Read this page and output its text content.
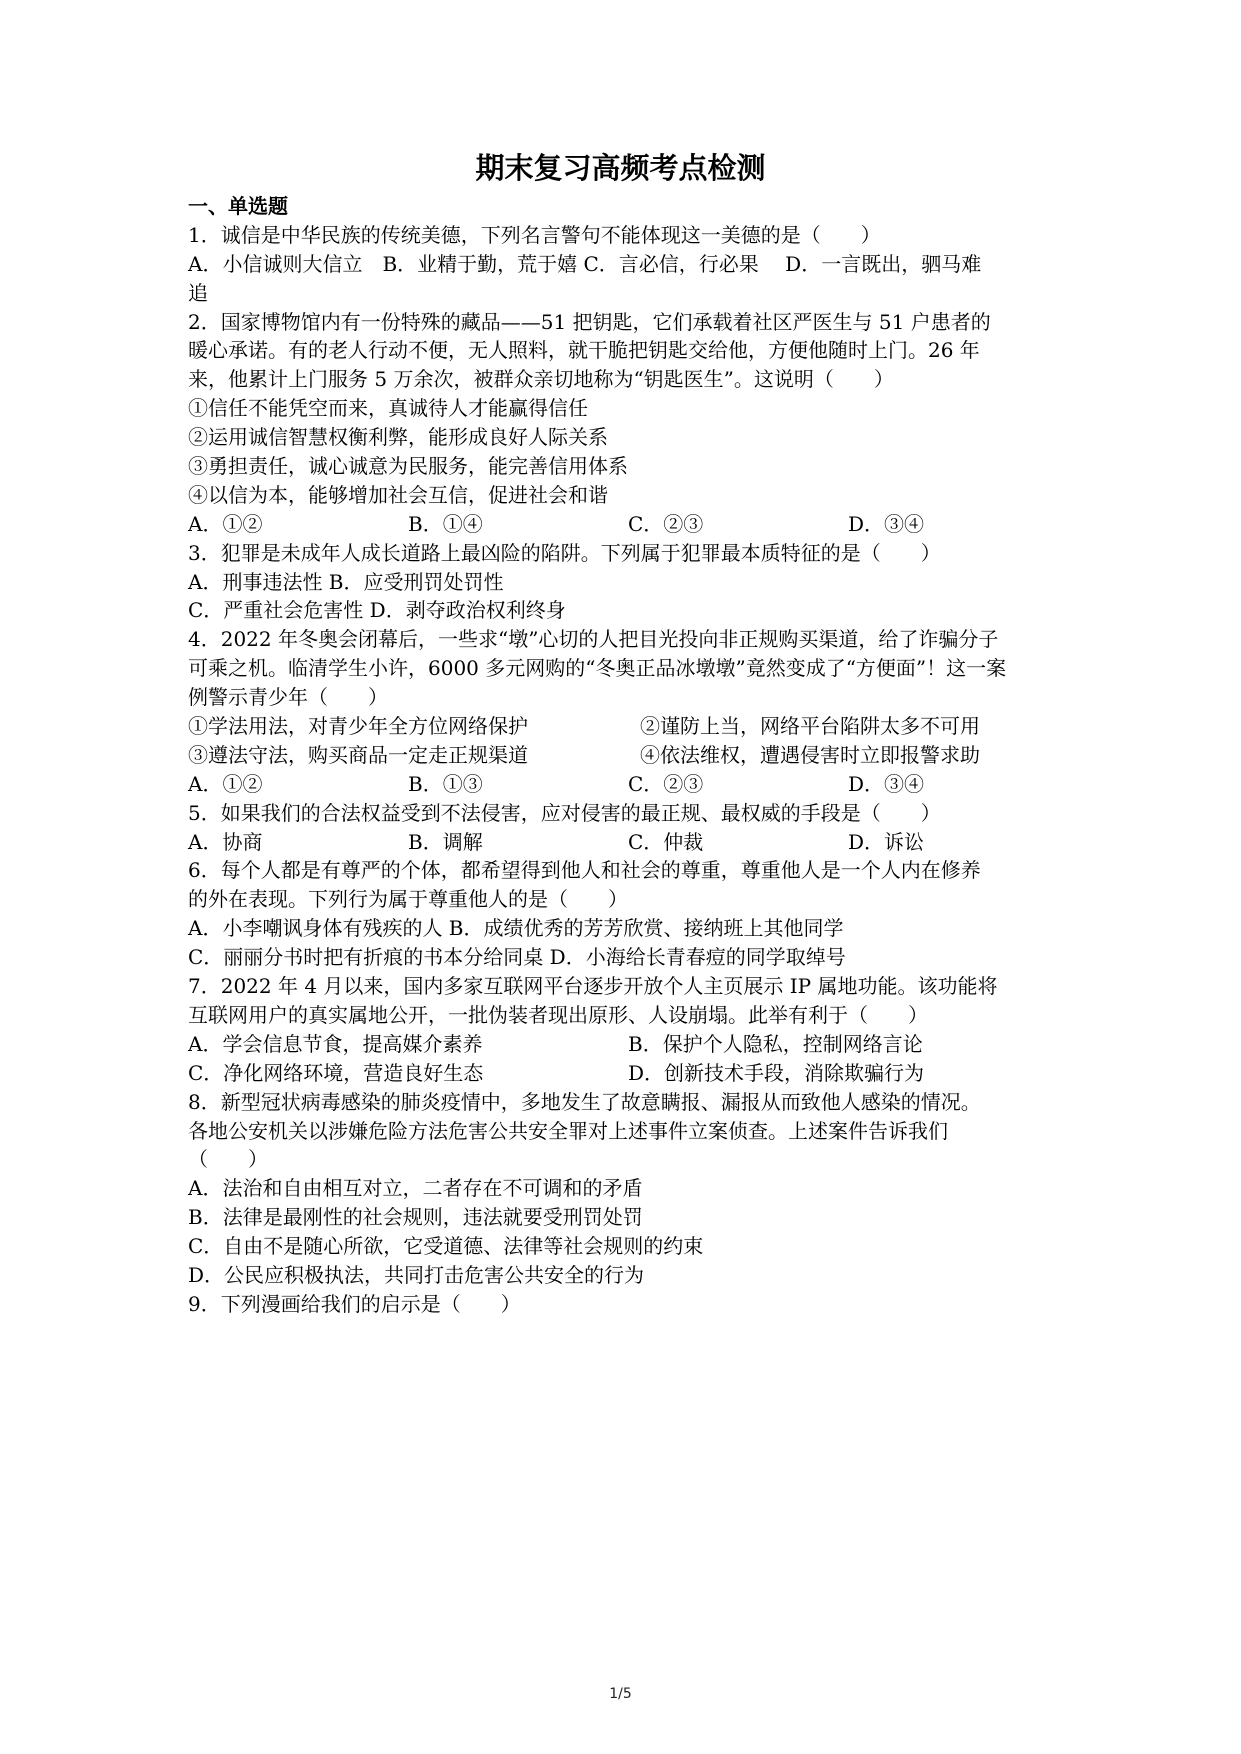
期末复习高频考点检测
一、单选题
1．诚信是中华民族的传统美德，下列名言警句不能体现这一美德的是（　　）
A．小信诚则大信立　B．业精于勤，荒于嬉 C．言必信，行必果　 D．一言既出，驷马难
追
2．国家博物馆内有一份特殊的藏品——51 把钥匙，它们承载着社区严医生与 51 户患者的
暖心承诺。有的老人行动不便，无人照料，就干脆把钥匙交给他，方便他随时上门。26 年
来，他累计上门服务 5 万余次，被群众亲切地称为“钥匙医生”。这说明（　　）
①信任不能凭空而来，真诚待人才能赢得信任
②运用诚信智慧权衡利弊，能形成良好人际关系
③勇担责任，诚心诚意为民服务，能完善信用体系
④以信为本，能够增加社会互信，促进社会和谐
A．①②	B．①④	C．②③	D．③④
3．犯罪是未成年人成长道路上最凶险的陷阱。下列属于犯罪最本质特征的是（　　）
A．刑事违法性 B．应受刑罚处罚性
C．严重社会危害性 D．剥夺政治权利终身
4．2022 年冬奥会闭幕后，一些求“墩”心切的人把目光投向非正规购买渠道，给了诈骗分子
可乘之机。临清学生小许，6000 多元网购的“冬奥正品冰墩墩”竟然变成了“方便面”！这一案
例警示青少年（　　）
①学法用法，对青少年全方位网络保护	②谨防上当，网络平台陷阱太多不可用
③遵法守法，购买商品一定走正规渠道	④依法维权，遭遇侵害时立即报警求助
A．①②	B．①③	C．②③	D．③④
5．如果我们的合法权益受到不法侵害，应对侵害的最正规、最权威的手段是（　　）
A．协商	B．调解	C．仲裁	D．诉讼
6．每个人都是有尊严的个体，都希望得到他人和社会的尊重，尊重他人是一个人内在修养
的外在表现。下列行为属于尊重他人的是（　　）
A．小李嘲讽身体有残疾的人 B．成绩优秀的芳芳欣赏、接纳班上其他同学
C．丽丽分书时把有折痕的书本分给同桌 D．小海给长青春痘的同学取绰号
7．2022 年 4 月以来，国内多家互联网平台逐步开放个人主页展示 IP 属地功能。该功能将
互联网用户的真实属地公开，一批伪装者现出原形、人设崩塌。此举有利于（　　）
A．学会信息节食，提高媒介素养	B．保护个人隐私，控制网络言论
C．净化网络环境，营造良好生态	D．创新技术手段，消除欺骗行为
8．新型冠状病毒感染的肺炎疫情中，多地发生了故意瞒报、漏报从而致他人感染的情况。
各地公安机关以涉嫌危险方法危害公共安全罪对上述事件立案侦查。上述案件告诉我们
（　　）
A．法治和自由相互对立，二者存在不可调和的矛盾
B．法律是最刚性的社会规则，违法就要受刑罚处罚
C．自由不是随心所欲，它受道德、法律等社会规则的约束
D．公民应积极执法，共同打击危害公共安全的行为
9．下列漫画给我们的启示是（　　）
1/5
